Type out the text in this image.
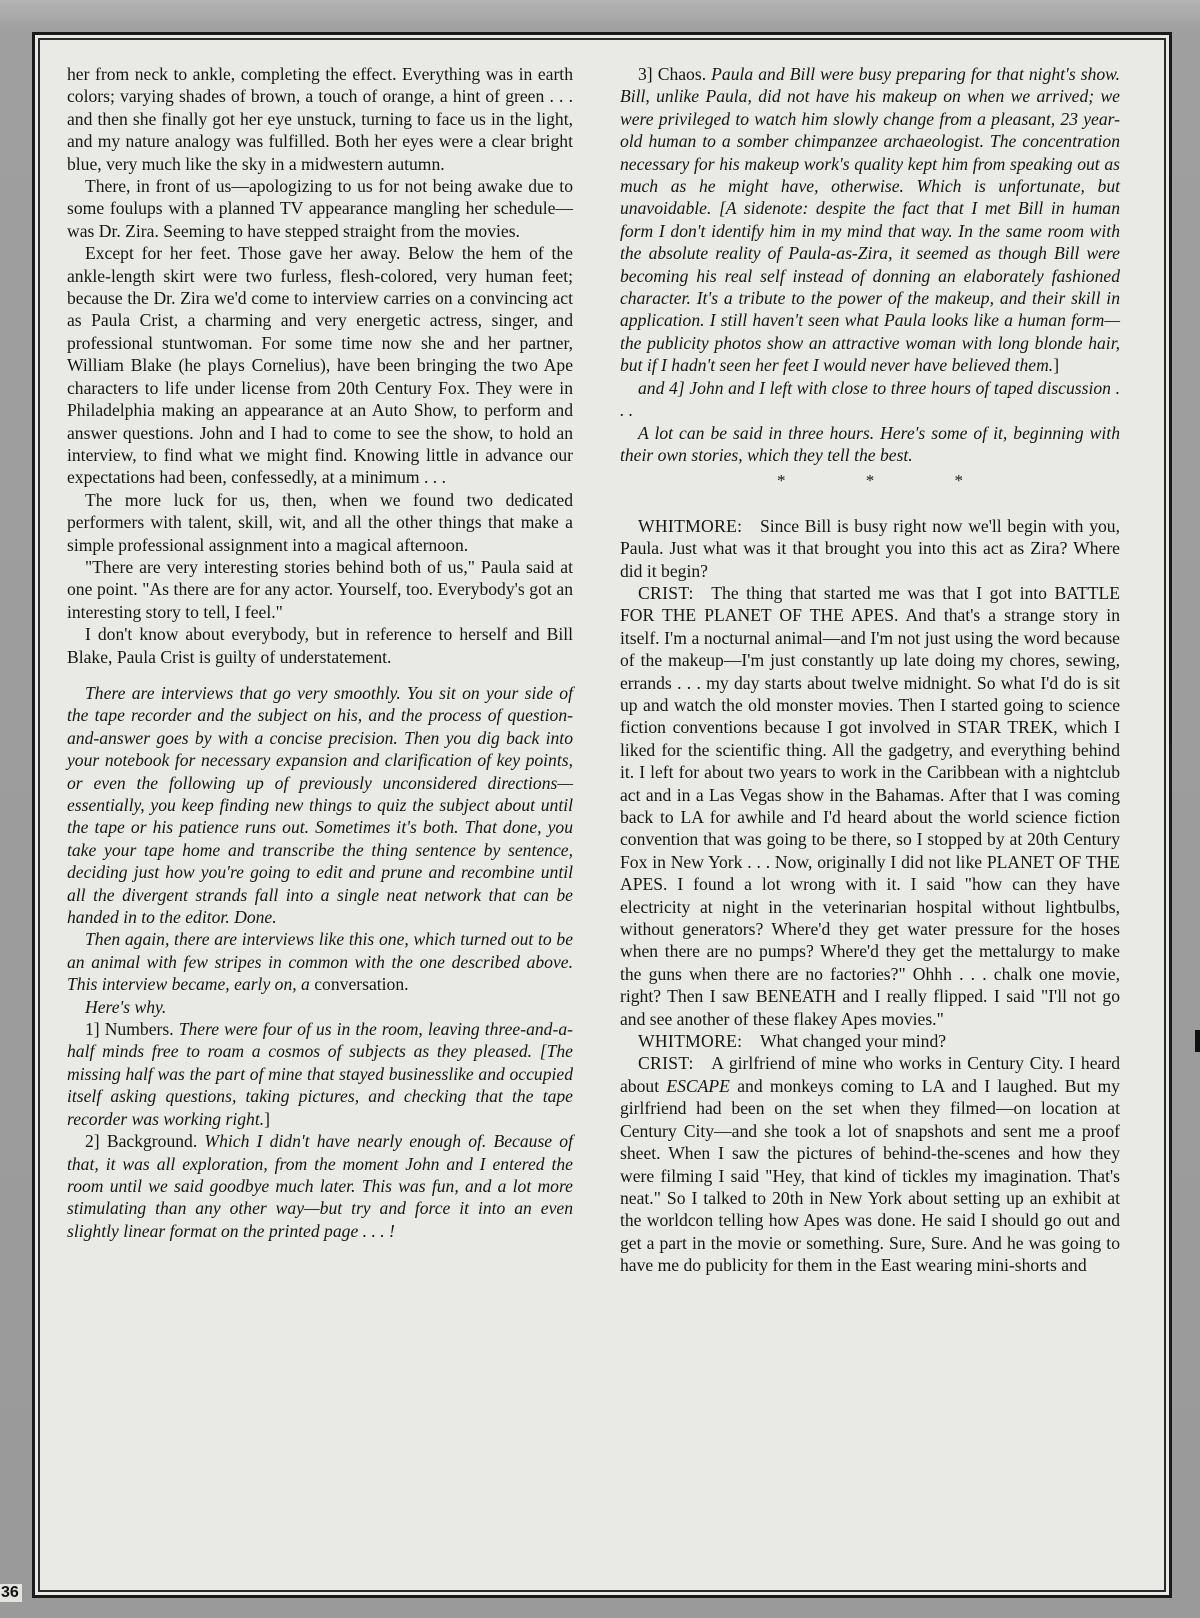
her from neck to ankle, completing the effect. Everything was in earth colors; varying shades of brown, a touch of orange, a hint of green . . . and then she finally got her eye unstuck, turning to face us in the light, and my nature analogy was fulfilled. Both her eyes were a clear bright blue, very much like the sky in a midwestern autumn.

There, in front of us—apologizing to us for not being awake due to some foulups with a planned TV appearance mangling her schedule—was Dr. Zira. Seeming to have stepped straight from the movies.

Except for her feet. Those gave her away. Below the hem of the ankle-length skirt were two furless, flesh-colored, very human feet; because the Dr. Zira we'd come to interview carries on a convincing act as Paula Crist, a charming and very energetic actress, singer, and professional stuntwoman. For some time now she and her partner, William Blake (he plays Cornelius), have been bringing the two Ape characters to life under license from 20th Century Fox. They were in Philadelphia making an appearance at an Auto Show, to perform and answer questions. John and I had to come to see the show, to hold an interview, to find what we might find. Knowing little in advance our expectations had been, confessedly, at a minimum . . .

The more luck for us, then, when we found two dedicated performers with talent, skill, wit, and all the other things that make a simple professional assignment into a magical afternoon.

"There are very interesting stories behind both of us," Paula said at one point. "As there are for any actor. Yourself, too. Everybody's got an interesting story to tell, I feel."

I don't know about everybody, but in reference to herself and Bill Blake, Paula Crist is guilty of understatement.

There are interviews that go very smoothly. You sit on your side of the tape recorder and the subject on his, and the process of question-and-answer goes by with a concise precision. Then you dig back into your notebook for necessary expansion and clarification of key points, or even the following up of previously unconsidered directions—essentially, you keep finding new things to quiz the subject about until the tape or his patience runs out. Sometimes it's both. That done, you take your tape home and transcribe the thing sentence by sentence, deciding just how you're going to edit and prune and recombine until all the divergent strands fall into a single neat network that can be handed in to the editor. Done.

Then again, there are interviews like this one, which turned out to be an animal with few stripes in common with the one described above. This interview became, early on, a conversation.

Here's why.

1] Numbers. There were four of us in the room, leaving three-and-a-half minds free to roam a cosmos of subjects as they pleased. [The missing half was the part of mine that stayed businesslike and occupied itself asking questions, taking pictures, and checking that the tape recorder was working right.]

2] Background. Which I didn't have nearly enough of. Because of that, it was all exploration, from the moment John and I entered the room until we said goodbye much later. This was fun, and a lot more stimulating than any other way—but try and force it into an even slightly linear format on the printed page . . . !

3] Chaos. Paula and Bill were busy preparing for that night's show. Bill, unlike Paula, did not have his makeup on when we arrived; we were privileged to watch him slowly change from a pleasant, 23 year-old human to a somber chimpanzee archaeologist. The concentration necessary for his makeup work's quality kept him from speaking out as much as he might have, otherwise. Which is unfortunate, but unavoidable. [A sidenote: despite the fact that I met Bill in human form I don't identify him in my mind that way. In the same room with the absolute reality of Paula-as-Zira, it seemed as though Bill were becoming his real self instead of donning an elaborately fashioned character. It's a tribute to the power of the makeup, and their skill in application. I still haven't seen what Paula looks like a human form—the publicity photos show an attractive woman with long blonde hair, but if I hadn't seen her feet I would never have believed them.]

and 4] John and I left with close to three hours of taped discussion . . .

A lot can be said in three hours. Here's some of it, beginning with their own stories, which they tell the best.

* * *

WHITMORE:  Since Bill is busy right now we'll begin with you, Paula. Just what was it that brought you into this act as Zira? Where did it begin?

CRIST:  The thing that started me was that I got into BATTLE FOR THE PLANET OF THE APES. And that's a strange story in itself. I'm a nocturnal animal—and I'm not just using the word because of the makeup—I'm just constantly up late doing my chores, sewing, errands . . . my day starts about twelve midnight. So what I'd do is sit up and watch the old monster movies. Then I started going to science fiction conventions because I got involved in STAR TREK, which I liked for the scientific thing. All the gadgetry, and everything behind it. I left for about two years to work in the Caribbean with a nightclub act and in a Las Vegas show in the Bahamas. After that I was coming back to LA for awhile and I'd heard about the world science fiction convention that was going to be there, so I stopped by at 20th Century Fox in New York . . . Now, originally I did not like PLANET OF THE APES. I found a lot wrong with it. I said "how can they have electricity at night in the veterinarian hospital without lightbulbs, without generators? Where'd they get water pressure for the hoses when there are no pumps? Where'd they get the mettalurgy to make the guns when there are no factories?" Ohhh . . . chalk one movie, right? Then I saw BENEATH and I really flipped. I said "I'll not go and see another of these flakey Apes movies."

WHITMORE:  What changed your mind?

CRIST:  A girlfriend of mine who works in Century City. I heard about ESCAPE and monkeys coming to LA and I laughed. But my girlfriend had been on the set when they filmed—on location at Century City—and she took a lot of snapshots and sent me a proof sheet. When I saw the pictures of behind-the-scenes and how they were filming I said "Hey, that kind of tickles my imagination. That's neat." So I talked to 20th in New York about setting up an exhibit at the worldcon telling how Apes was done. He said I should go out and get a part in the movie or something. Sure, Sure. And he was going to have me do publicity for them in the East wearing mini-shorts and

36
